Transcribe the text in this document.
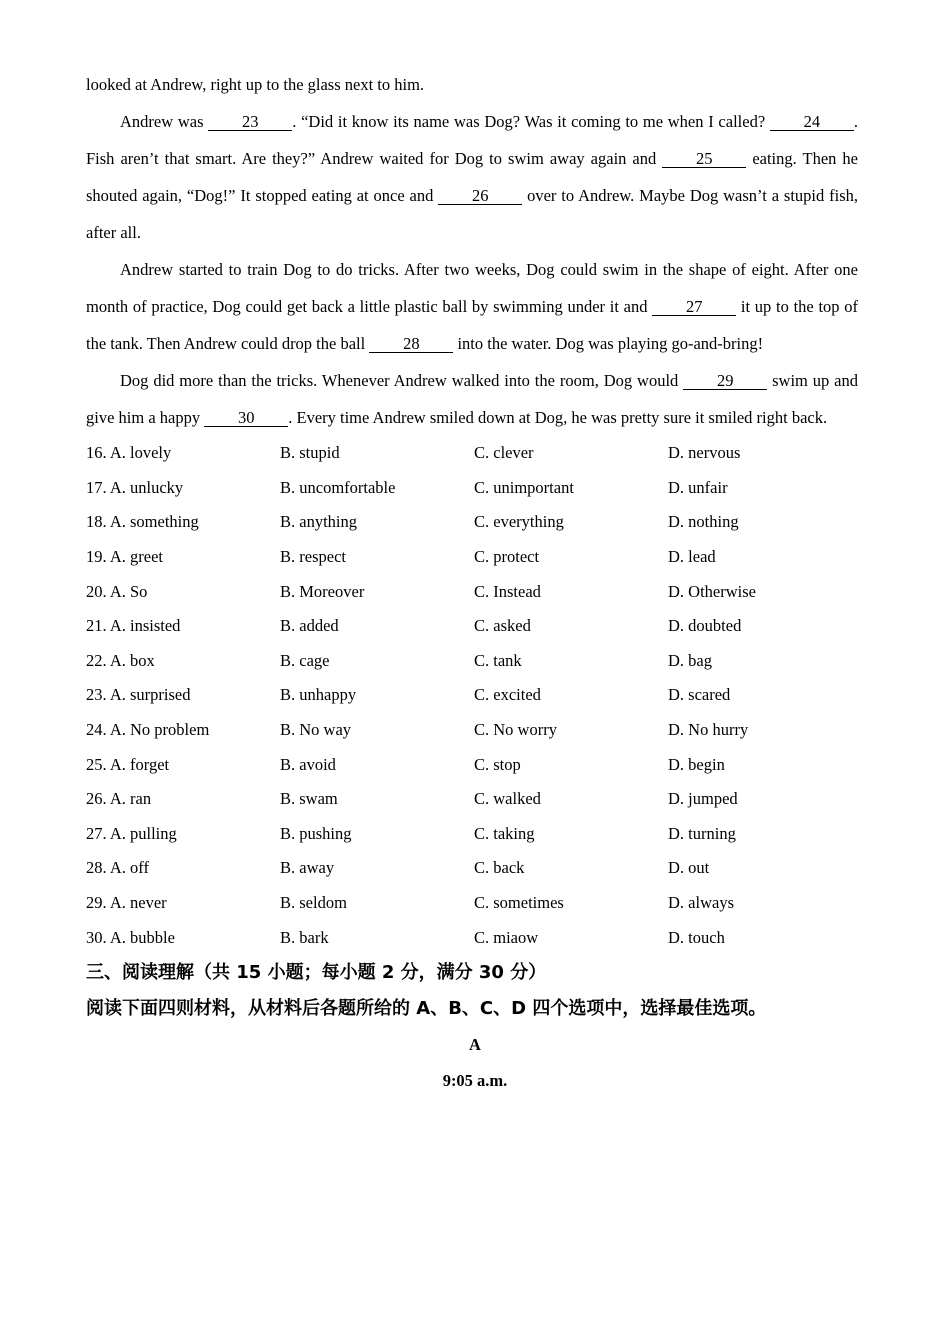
looked at Andrew, right up to the glass next to him.

Andrew was 23 . “Did it know its name was Dog? Was it coming to me when I called? 24 . Fish aren’t that smart. Are they?” Andrew waited for Dog to swim away again and 25 eating. Then he shouted again, “Dog!” It stopped eating at once and 26 over to Andrew. Maybe Dog wasn’t a stupid fish, after all.

Andrew started to train Dog to do tricks. After two weeks, Dog could swim in the shape of eight. After one month of practice, Dog could get back a little plastic ball by swimming under it and 27 it up to the top of the tank. Then Andrew could drop the ball 28 into the water. Dog was playing go-and-bring!

Dog did more than the tricks. Whenever Andrew walked into the room, Dog would 29 swim up and give him a happy 30 . Every time Andrew smiled down at Dog, he was pretty sure it smiled right back.

16. A. lovely	B. stupid	C. clever	D. nervous
17. A. unlucky	B. uncomfortable	C. unimportant	D. unfair
18. A. something	B. anything	C. everything	D. nothing
19. A. greet	B. respect	C. protect	D. lead
20. A. So	B. Moreover	C. Instead	D. Otherwise
21. A. insisted	B. added	C. asked	D. doubted
22. A. box	B. cage	C. tank	D. bag
23. A. surprised	B. unhappy	C. excited	D. scared
24. A. No problem	B. No way	C. No worry	D. No hurry
25. A. forget	B. avoid	C. stop	D. begin
26. A. ran	B. swam	C. walked	D. jumped
27. A. pulling	B. pushing	C. taking	D. turning
28. A. off	B. away	C. back	D. out
29. A. never	B. seldom	C. sometimes	D. always
30. A. bubble	B. bark	C. miaow	D. touch
三、阅读理解（共 15 小题；每小题 2 分，满分 30 分）
阅读下面四则材料，从材料后各题所给的 A、B、C、D 四个选项中，选择最佳选项。
A
9:05 a.m.
